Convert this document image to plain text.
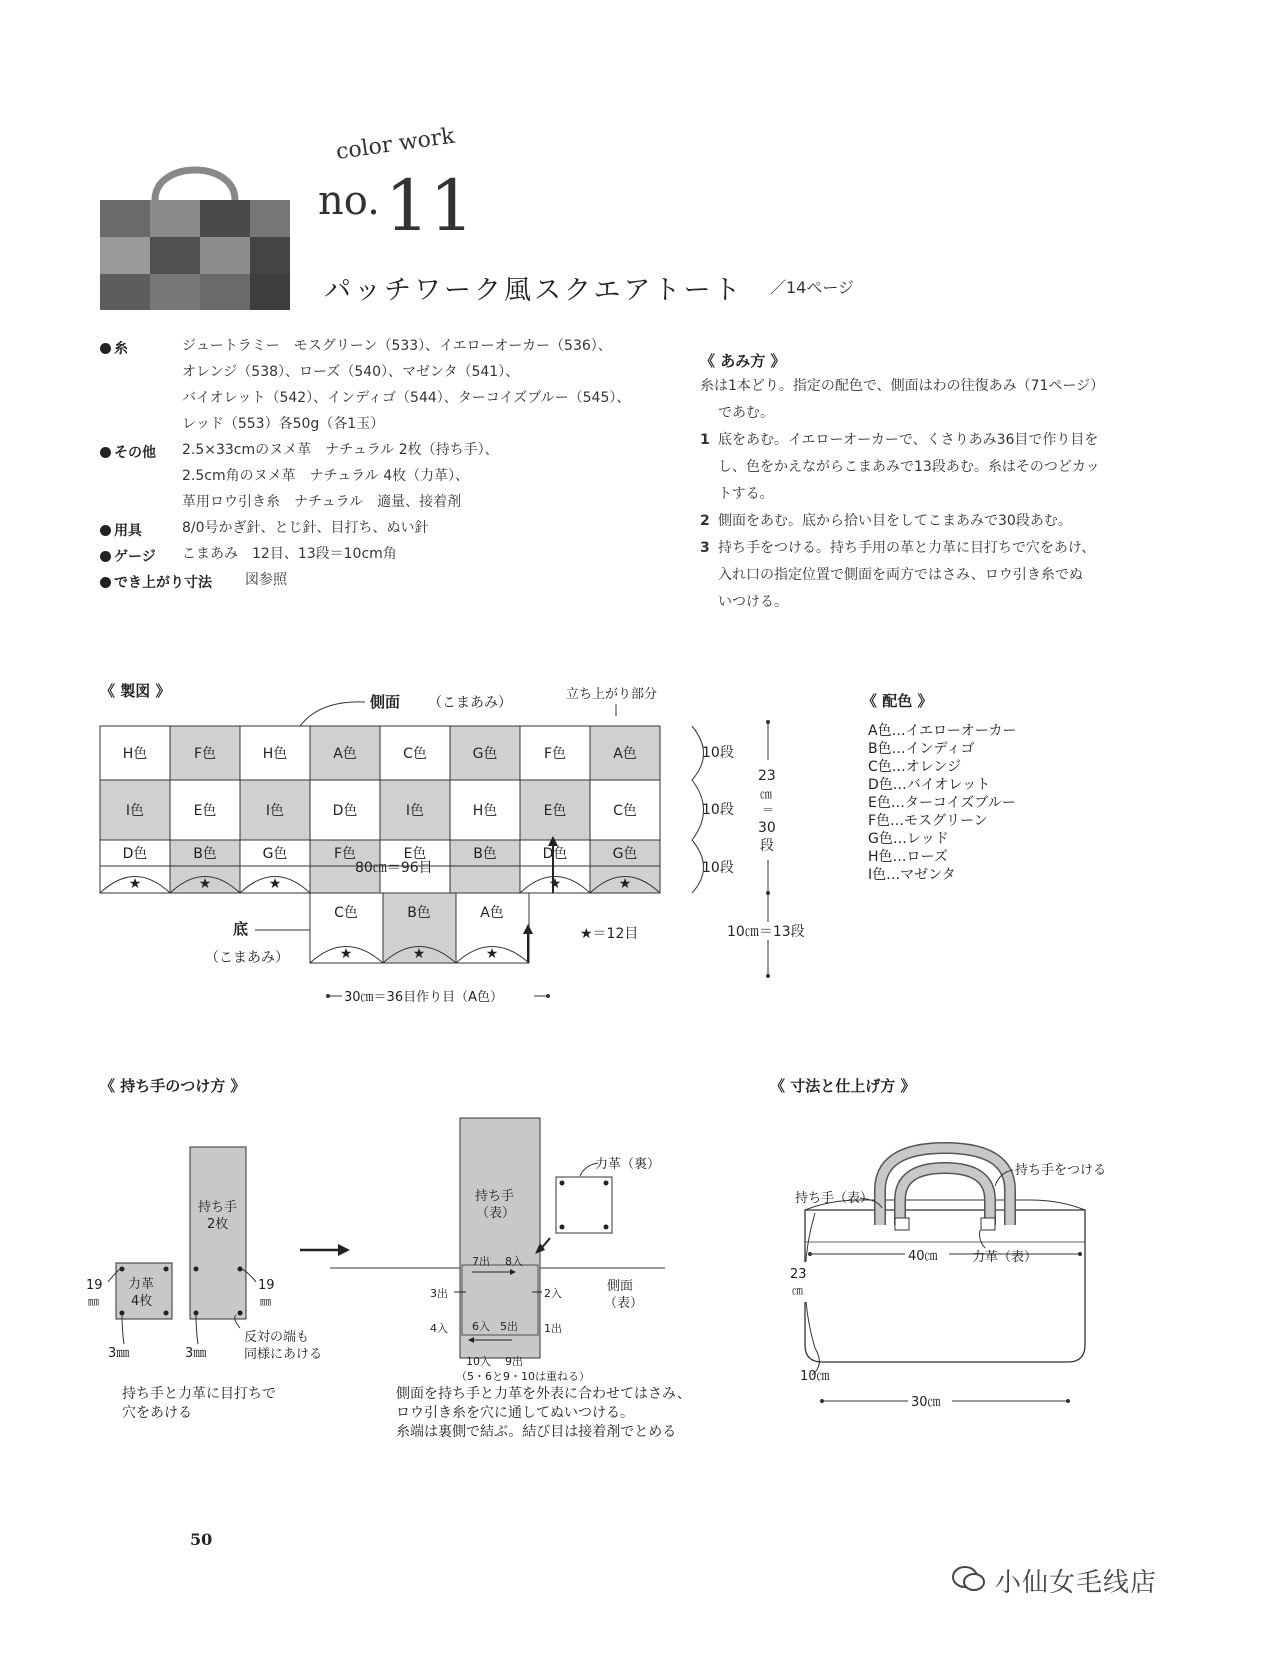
color work
no. 11
パッチワーク風スクエアトート ／14ページ
糸	ジュートラミー　モスグリーン（533）、イエローオーカー（536）、
オレンジ（538）、ローズ（540）、マゼンタ（541）、
バイオレット（542）、インディゴ（544）、ターコイズブルー（545）、
レッド（553）各50g（各1玉）
その他 2.5×33cmのヌメ革　ナチュラル 2枚（持ち手）、
2.5cm角のヌメ革　ナチュラル 4枚（力革）、
革用ロウ引き糸　ナチュラル　適量、接着剤
用具	8/0号かぎ針、とじ針、目打ち、ぬい針
ゲージ こまあみ　12目、13段＝10cm角
でき上がり寸法 図参照
《 あみ方 》
糸は1本どり。指定の配色で、側面はわの往復あみ（71ページ）
であむ。
1 底をあむ。イエローオーカーで、くさりあみ36目で作り目を
し、色をかえながらこまあみで13段あむ。糸はそのつどカッ
トする。
2 側面をあむ。底から拾い目をしてこまあみで30段あむ。
3 持ち手をつける。持ち手用の革と力革に目打ちで穴をあけ、
入れ口の指定位置で側面を両方ではさみ、ロウ引き糸でぬ
いつける。
《 製図 》
H色	F色	H色	A色	C色	G色	F色	A色
I色	E色	I色	D色	I色	H色	E色	C色
D色	B色	G色	F色	E色	B色	D色	G色
★	★	★	★	★
C色
★
B色
★
A色
★
側面 （こまあみ）
立ち上がり部分
80㎝＝96目
10段
10段
10段
23
㎝
＝
30
段
10㎝＝13段
底
（こまあみ）
★＝12目
30㎝＝36目作り目（A色）
《 配色 》
A色…イエローオーカー
B色…インディゴ
C色…オレンジ
D色…バイオレット
E色…ターコイズブルー
F色…モスグリーン
G色…レッド
H色…ローズ
I色…マゼンタ
《 持ち手のつけ方 》	《 寸法と仕上げ方 》
力革
4枚
19
㎜
3㎜
持ち手
2枚
19
㎜
3㎜
反対の端も
同様にあける
持ち手と力革に目打ちで
穴をあける
持ち手
（表）
7出 8入
3出	2入
4入 6入 5出 1出
10入 9出
（5・6と9・10は重ねる）
力革（裏）
側面
（表）
側面を持ち手と力革を外表に合わせてはさみ、
ロウ引き糸を穴に通してぬいつける。
糸端は裏側で結ぶ。結び目は接着剤でとめる
持ち手（表）
持ち手をつける
力革（表）
40㎝
23
㎝
10㎝
30㎝
50
小仙女毛线店
